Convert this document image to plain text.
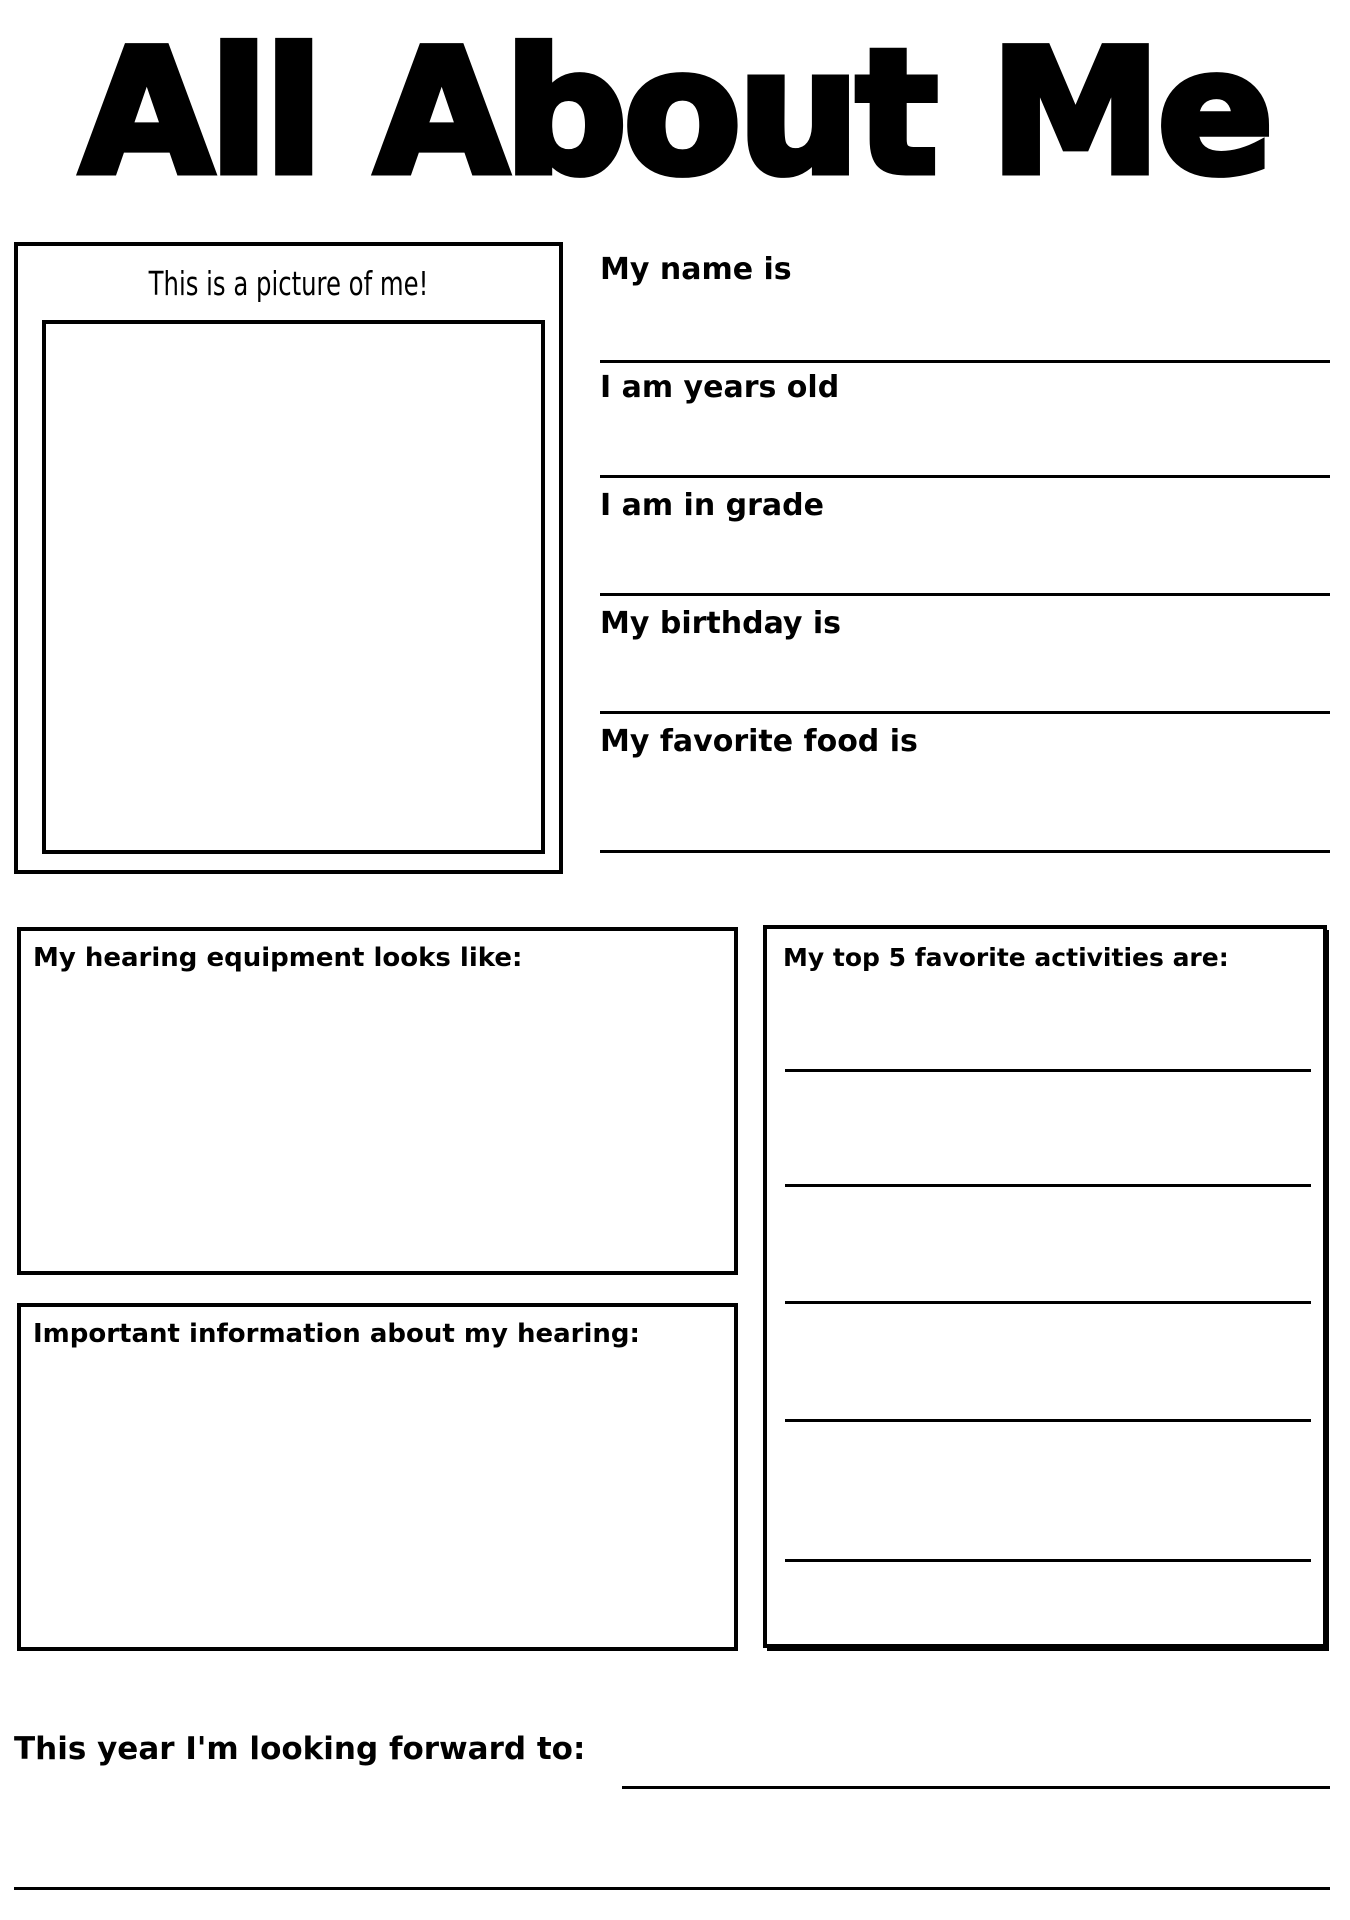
All About Me
This is a picture of me!	My name is
I am years old
I am in grade
My birthday is
My favorite food is
My hearing equipment looks like:
Important information about my hearing:
My top 5 favorite activities are:
This year I'm looking forward to:
